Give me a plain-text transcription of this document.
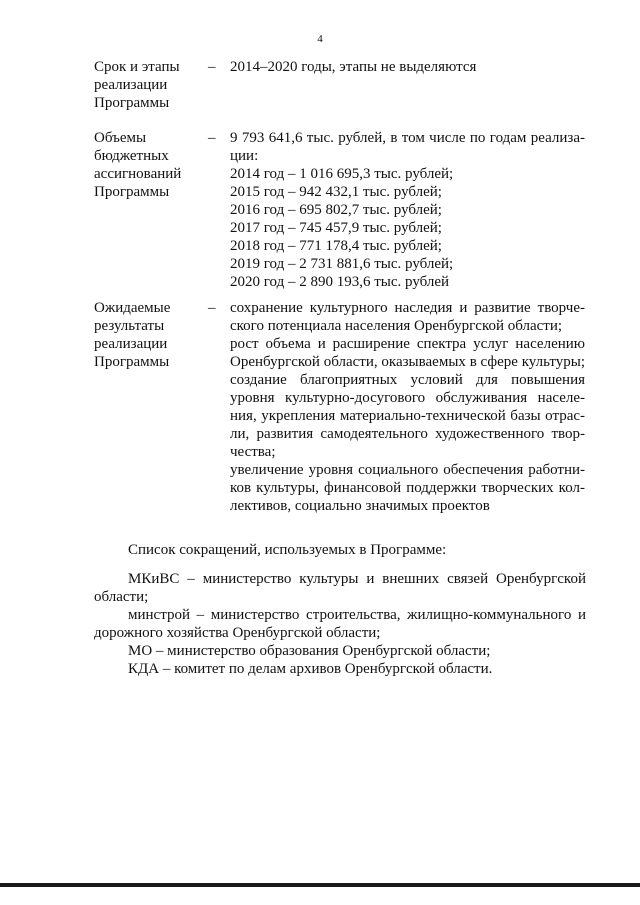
4
Срок и этапы
реализации
Программы
– 2014–2020 годы, этапы не выделяются
Объемы
бюджетных
ассигнований
Программы
– 9 793 641,6 тыс. рублей, в том числе по годам реализа-
ции:
2014 год – 1 016 695,3 тыс. рублей;
2015 год – 942 432,1 тыс. рублей;
2016 год – 695 802,7 тыс. рублей;
2017 год – 745 457,9 тыс. рублей;
2018 год – 771 178,4 тыс. рублей;
2019 год – 2 731 881,6 тыс. рублей;
2020 год – 2 890 193,6 тыс. рублей
Ожидаемые
результаты
реализации
Программы
– сохранение культурного наследия и развитие творче-
ского потенциала населения Оренбургской области;
рост объема и расширение спектра услуг населению
Оренбургской области, оказываемых в сфере культуры;
создание благоприятных условий для повышения
уровня культурно-досугового обслуживания населе-
ния, укрепления материально-технической базы отрас-
ли, развития самодеятельного художественного твор-
чества;
увеличение уровня социального обеспечения работни-
ков культуры, финансовой поддержки творческих кол-
лективов, социально значимых проектов
Список сокращений, используемых в Программе:
МКиВС – министерство культуры и внешних связей Оренбургской области;
минстрой – министерство строительства, жилищно-коммунального и дорожного хозяйства Оренбургской области;
МО – министерство образования Оренбургской области;
КДА – комитет по делам архивов Оренбургской области.
